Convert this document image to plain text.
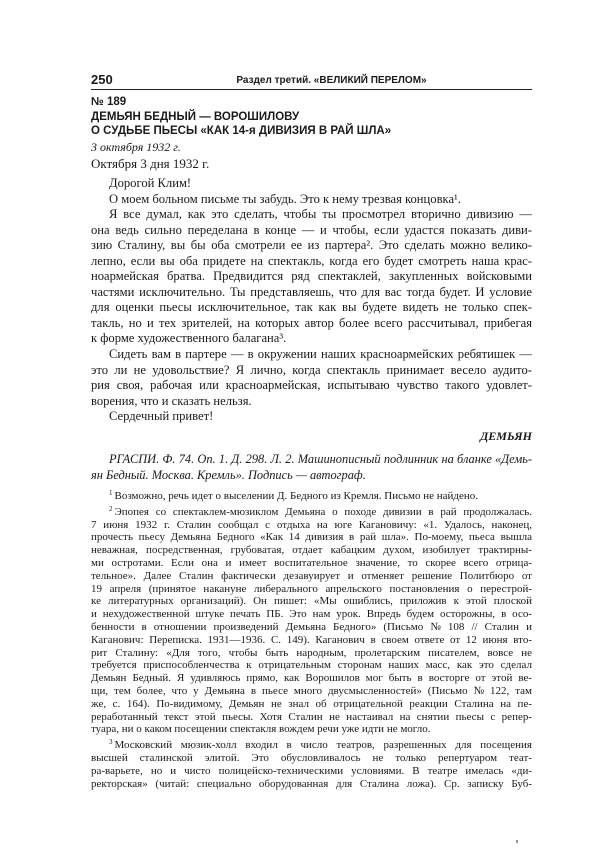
250	Раздел третий. «ВЕЛИКИЙ ПЕРЕЛОМ»
№ 189
ДЕМЬЯН БЕДНЫЙ — ВОРОШИЛОВУ
О СУДЬБЕ ПЬЕСЫ «КАК 14-я ДИВИЗИЯ В РАЙ ШЛА»
3 октября 1932 г.
Октября 3 дня 1932 г.
Дорогой Клим!
О моем больном письме ты забудь. Это к нему трезвая концовка¹.
Я все думал, как это сделать, чтобы ты просмотрел вторично дивизию —
она ведь сильно переделана в конце — и чтобы, если удастся показать диви-
зию Сталину, вы бы оба смотрели ее из партера². Это сделать можно велико-
лепно, если вы оба придете на спектакль, когда его будет смотреть наша крас-
ноармейская братва. Предвидится ряд спектаклей, закупленных войсковыми
частями исключительно. Ты представляешь, что для вас тогда будет. И условие
для оценки пьесы исключительное, так как вы будете видеть не только спек-
такль, но и тех зрителей, на которых автор более всего рассчитывал, прибегая
к форме художественного балагана³.
Сидеть вам в партере — в окружении наших красноармейских ребятишек —
это ли не удовольствие? Я лично, когда спектакль принимает весело аудито-
рия своя, рабочая или красноармейская, испытываю чувство такого удовлет-
ворения, что и сказать нельзя.
Сердечный привет!
ДЕМЬЯН
РГАСПИ. Ф. 74. Оп. 1. Д. 298. Л. 2. Машинописный подлинник на бланке «Демь-
ян Бедный. Москва. Кремль». Подпись — автограф.
$^1$ Возможно, речь идет о выселении Д. Бедного из Кремля. Письмо не найдено.
$^2$ Эпопея со спектаклем-мюзиклом Демьяна о походе дивизии в рай продолжалась.
7 июня 1932 г. Сталин сообщал с отдыха на юге Кагановичу: «1. Удалось, наконец,
прочесть пьесу Демьяна Бедного «Как 14 дивизия в рай шла». По-моему, пьеса вышла
неважная, посредственная, грубоватая, отдает кабацким духом, изобилует трактирны-
ми остротами. Если она и имеет воспитательное значение, то скорее всего отрица-
тельное». Далее Сталин фактически дезавуирует и отменяет решение Политбюро от
19 апреля (принятое накануне либерального апрельского постановления о перестрой-
ке литературных организаций). Он пишет: «Мы ошиблись, приложив к этой плоской
и нехудожественной штуке печать ПБ. Это нам урок. Впредь будем осторожны, в осо-
бенности в отношении произведений Демьяна Бедного» (Письмо № 108 // Сталин и
Каганович: Переписка. 1931—1936. С. 149). Каганович в своем ответе от 12 июня вто-
рит Сталину: «Для того, чтобы быть народным, пролетарским писателем, вовсе не
требуется приспособленчества к отрицательным сторонам наших масс, как это сделал
Демьян Бедный. Я удивляюсь прямо, как Ворошилов мог быть в восторге от этой ве-
щи, тем более, что у Демьяна в пьесе много двусмысленностей» (Письмо № 122, там
же, с. 164). По-видимому, Демьян не знал об отрицательной реакции Сталина на пе-
реработанный текст этой пьесы. Хотя Сталин не настаивал на снятии пьесы с репер-
туара, ни о каком посещении спектакля вождем речи уже идти не могло.
$^3$ Московский мюзик-холл входил в число театров, разрешенных для посещения
высшей сталинской элитой. Это обусловливалось не только репертуаром теат-
ра-варьете, но и чисто полицейско-техническими условиями. В театре имелась «ди-
ректорская» (читай: специально оборудованная для Сталина ложа). Ср. записку Буб-
